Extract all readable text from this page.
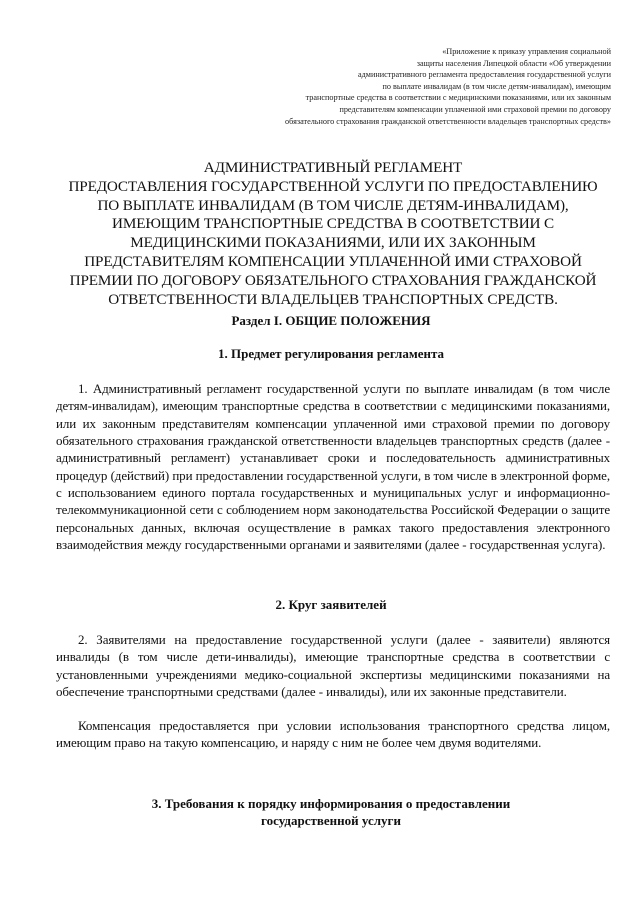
«Приложение к приказу управления социальной
защиты населения Липецкой области «Об утверждении
административного регламента предоставления государственной услуги
по выплате инвалидам (в том числе детям-инвалидам), имеющим
транспортные средства в соответствии с медицинскими показаниями, или их законным
представителям компенсации уплаченной ими страховой премии по договору
обязательного страхования гражданской ответственности владельцев транспортных средств»
АДМИНИСТРАТИВНЫЙ РЕГЛАМЕНТ
ПРЕДОСТАВЛЕНИЯ ГОСУДАРСТВЕННОЙ УСЛУГИ ПО ПРЕДОСТАВЛЕНИЮ
ПО ВЫПЛАТЕ ИНВАЛИДАМ (В ТОМ ЧИСЛЕ ДЕТЯМ-ИНВАЛИДАМ),
ИМЕЮЩИМ ТРАНСПОРТНЫЕ СРЕДСТВА В СООТВЕТСТВИИ С
МЕДИЦИНСКИМИ ПОКАЗАНИЯМИ, ИЛИ ИХ ЗАКОННЫМ
ПРЕДСТАВИТЕЛЯМ КОМПЕНСАЦИИ УПЛАЧЕННОЙ ИМИ СТРАХОВОЙ
ПРЕМИИ ПО ДОГОВОРУ ОБЯЗАТЕЛЬНОГО СТРАХОВАНИЯ ГРАЖДАНСКОЙ
ОТВЕТСТВЕННОСТИ ВЛАДЕЛЬЦЕВ ТРАНСПОРТНЫХ СРЕДСТВ.
Раздел I. ОБЩИЕ ПОЛОЖЕНИЯ
1. Предмет регулирования регламента

1. Административный регламент государственной услуги по выплате инвалидам (в том числе детям-инвалидам), имеющим транспортные средства в соответствии с медицинскими показаниями, или их законным представителям компенсации уплаченной ими страховой премии по договору обязательного страхования гражданской ответственности владельцев транспортных средств (далее - административный регламент) устанавливает сроки и последовательность административных процедур (действий) при предоставлении государственной услуги, в том числе в электронной форме, с использованием единого портала государственных и муниципальных услуг и информационно-телекоммуникационной сети с соблюдением норм законодательства Российской Федерации о защите персональных данных, включая осуществление в рамках такого предоставления электронного взаимодействия между государственными органами и заявителями (далее - государственная услуга).

2. Круг заявителей

2. Заявителями на предоставление государственной услуги (далее - заявители) являются инвалиды (в том числе дети-инвалиды), имеющие транспортные средства в соответствии с установленными учреждениями медико-социальной экспертизы медицинскими показаниями на обеспечение транспортными средствами (далее - инвалиды), или их законные представители.

Компенсация предоставляется при условии использования транспортного средства лицом, имеющим право на такую компенсацию, и наряду с ним не более чем двумя водителями.

3. Требования к порядку информирования о предоставлении
государственной услуги
